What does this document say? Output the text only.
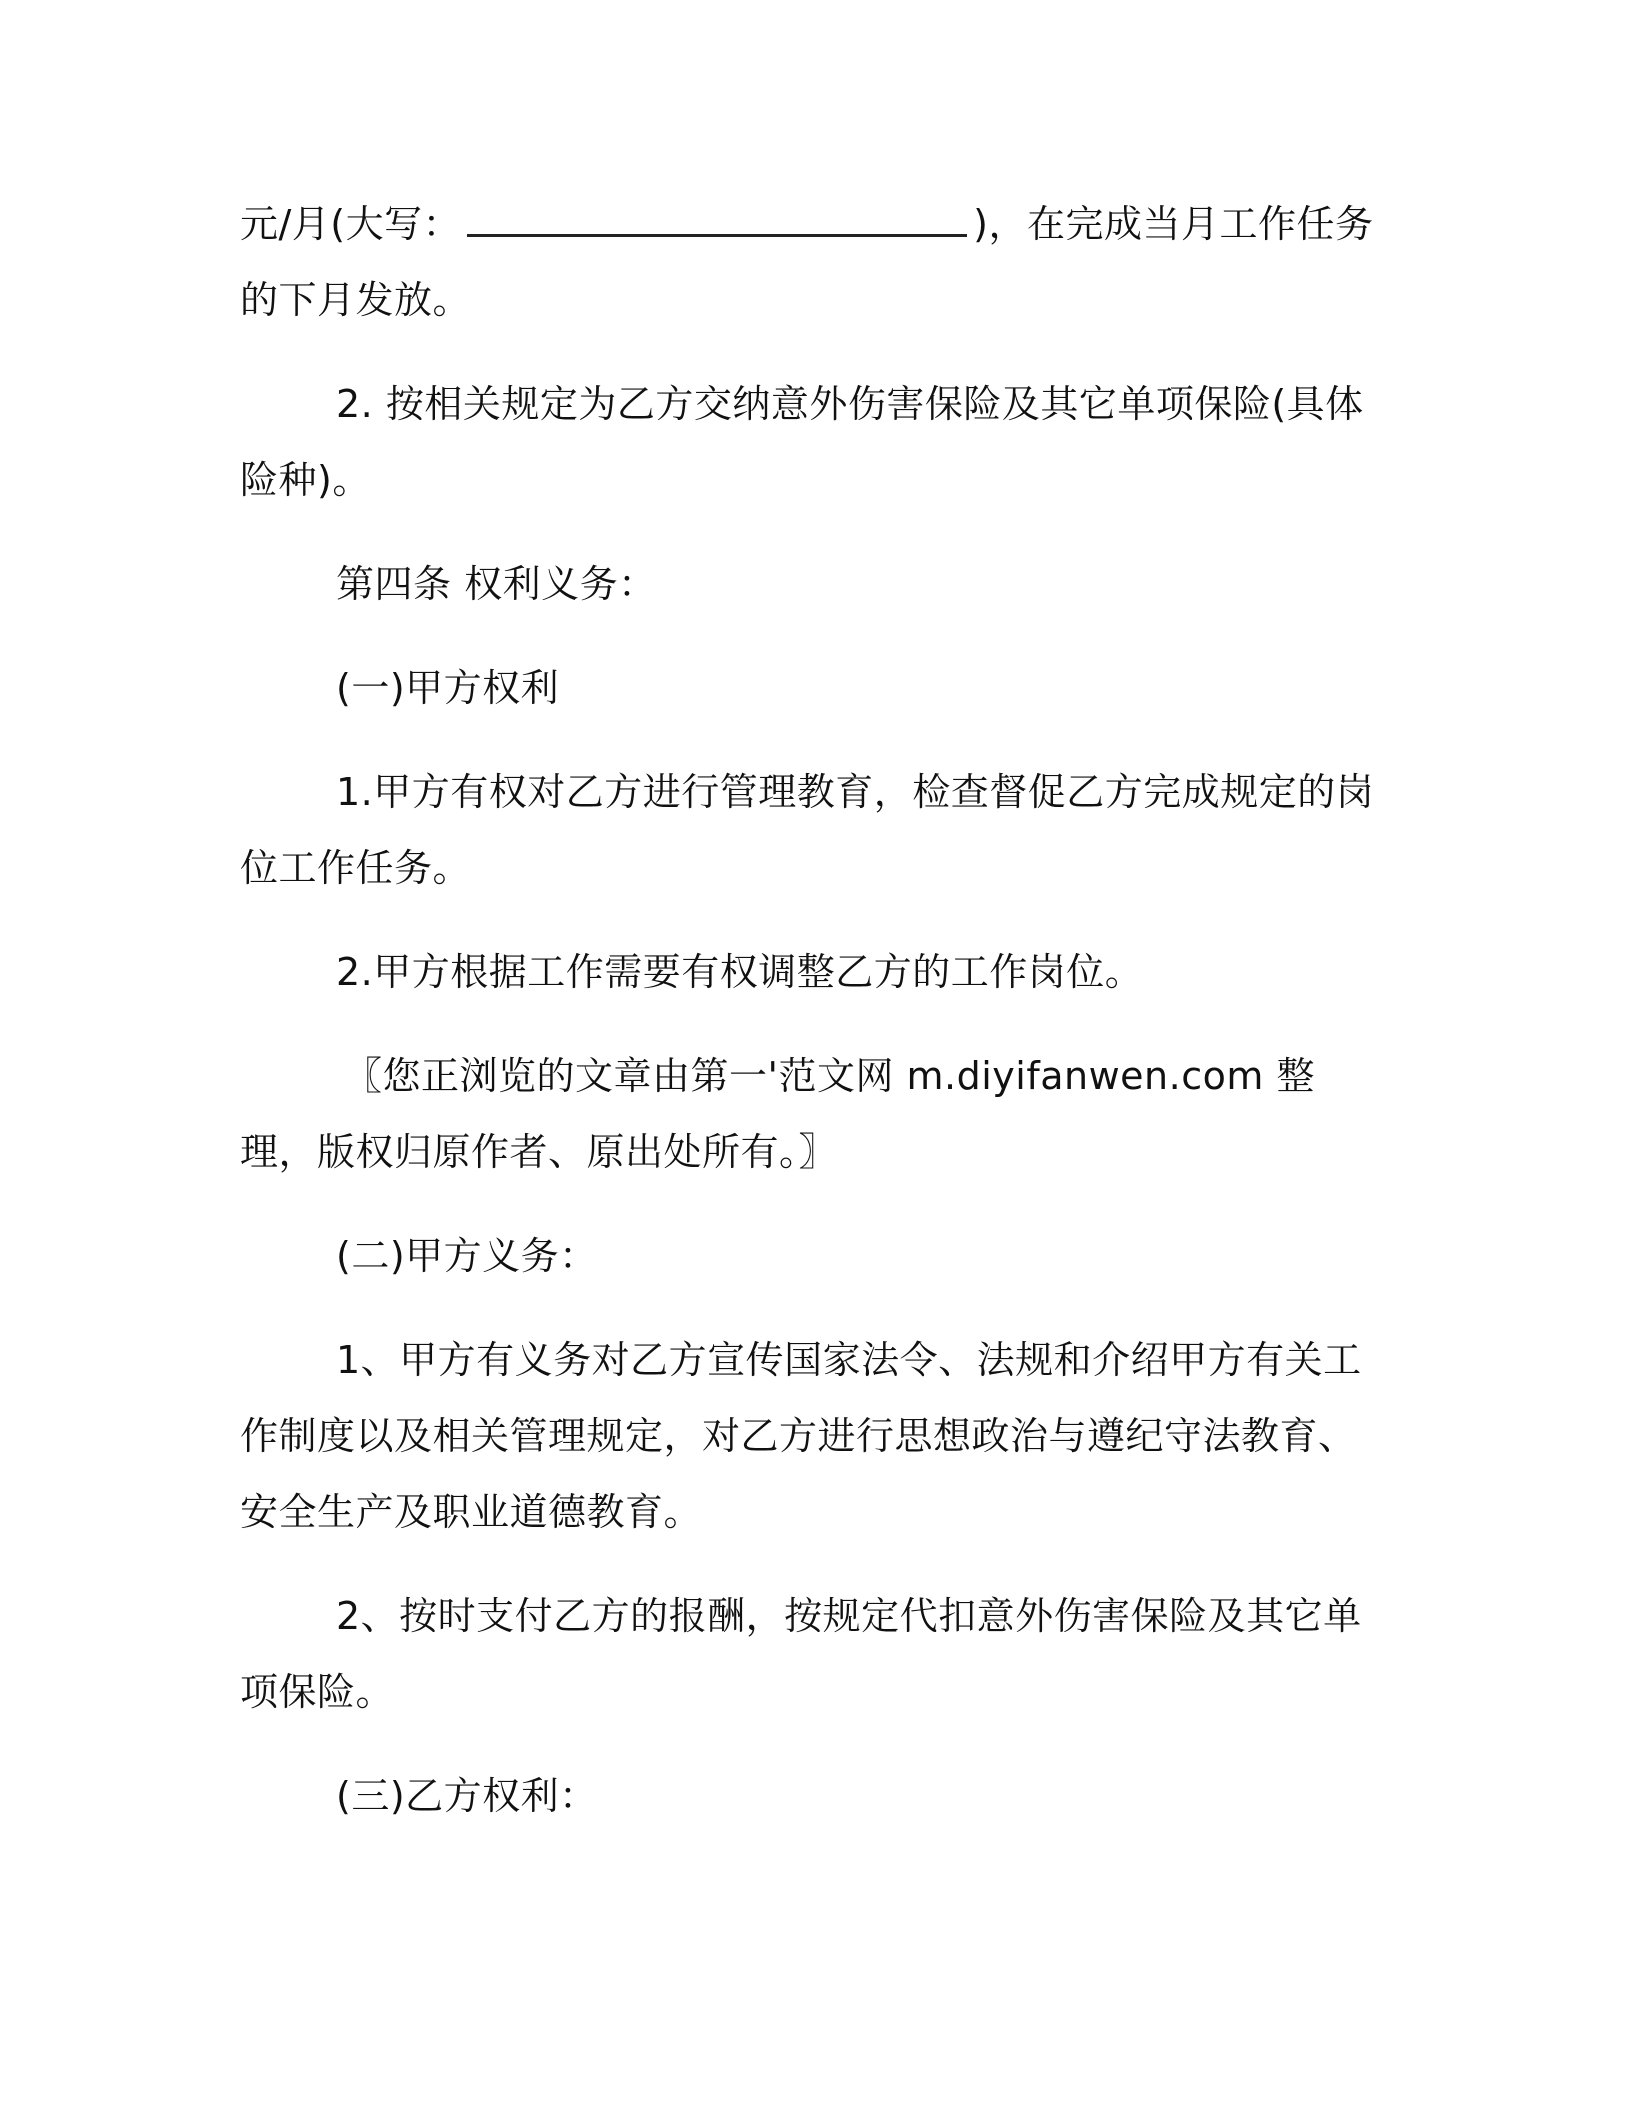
元/月(大写：	)，在完成当月工作任务的下月发放。

2. 按相关规定为乙方交纳意外伤害保险及其它单项保险(具体险种)。

第四条 权利义务：

(一)甲方权利

1.甲方有权对乙方进行管理教育，检查督促乙方完成规定的岗位工作任务。

2.甲方根据工作需要有权调整乙方的工作岗位。

〖您正浏览的文章由第一'范文网 m.diyifanwen.com 整理，版权归原作者、原出处所有。〗

(二)甲方义务：

1、甲方有义务对乙方宣传国家法令、法规和介绍甲方有关工作制度以及相关管理规定，对乙方进行思想政治与遵纪守法教育、安全生产及职业道德教育。

2、按时支付乙方的报酬，按规定代扣意外伤害保险及其它单项保险。

(三)乙方权利：
